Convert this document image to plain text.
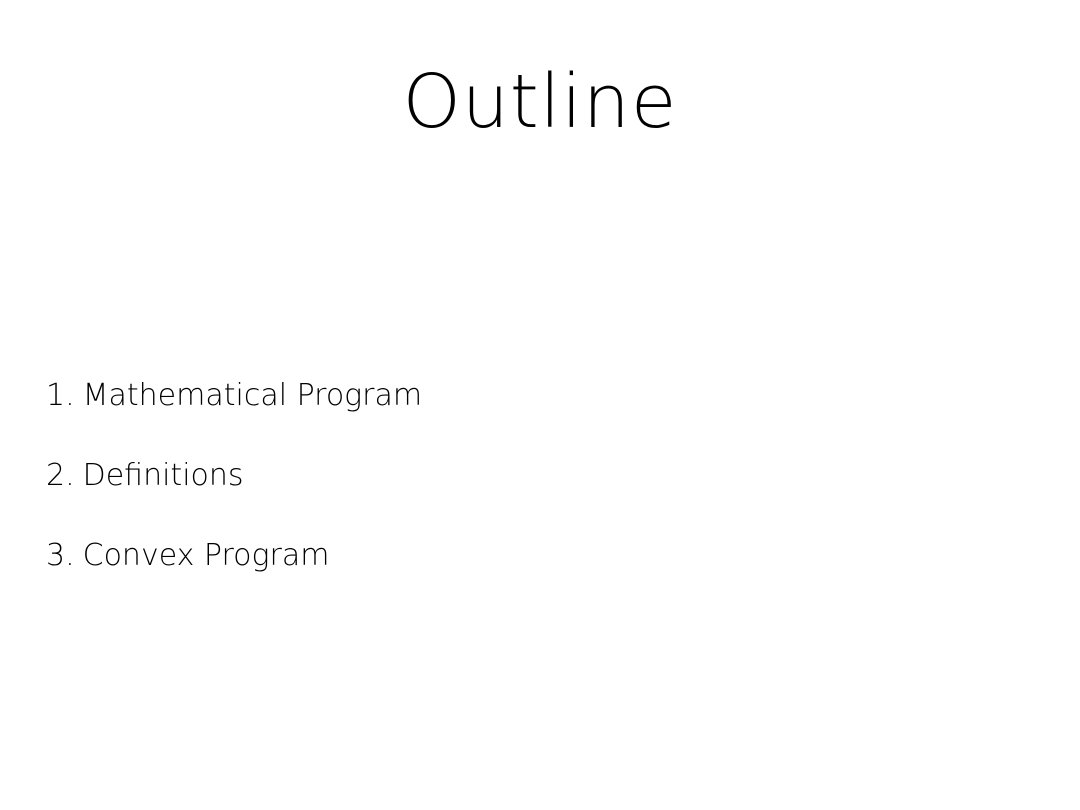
Outline
1. Mathematical Program
2. Definitions
3. Convex Program
